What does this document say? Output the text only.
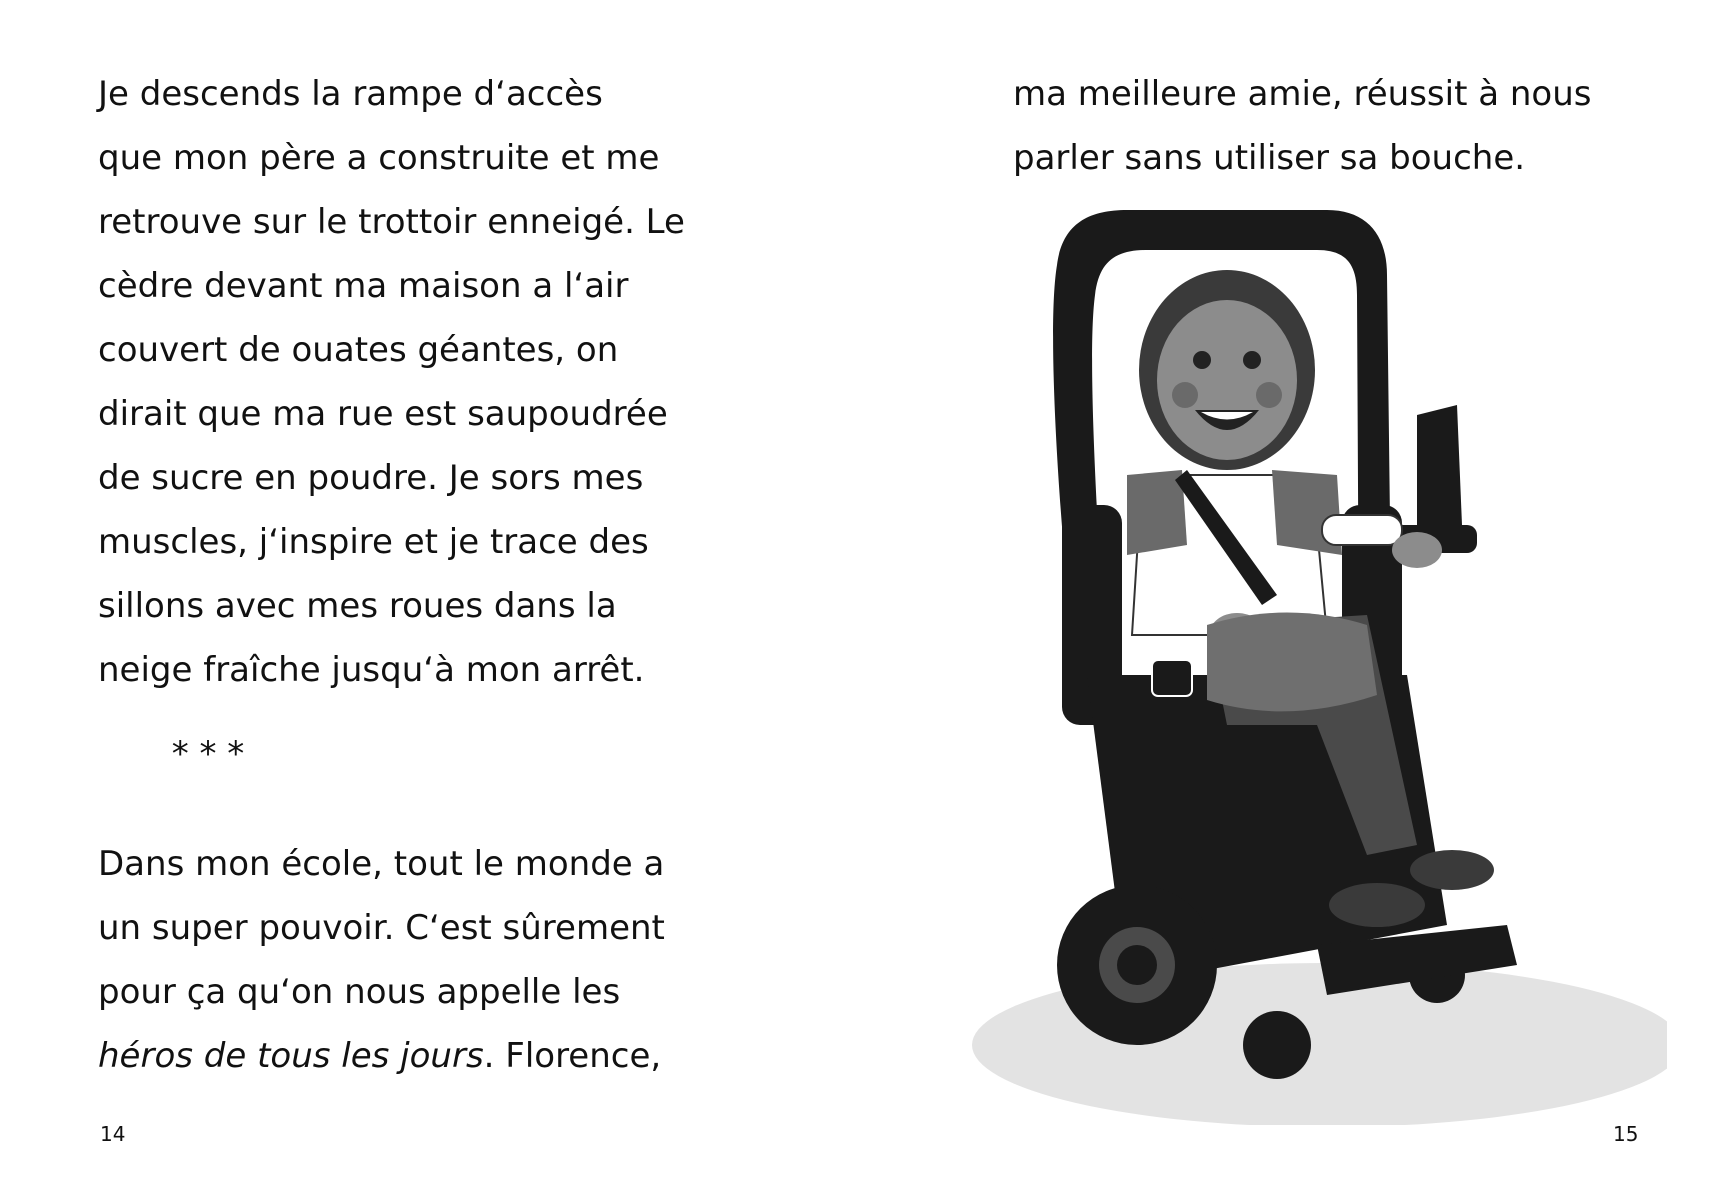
Je descends la rampe d‘accès
que mon père a construite et me
retrouve sur le trottoir enneigé. Le
cèdre devant ma maison a l‘air
couvert de ouates géantes, on
dirait que ma rue est saupoudrée
de sucre en poudre. Je sors mes
muscles, j‘inspire et je trace des
sillons avec mes roues dans la
neige fraîche jusqu‘à mon arrêt.
* * *
Dans mon école, tout le monde a
un super pouvoir. C‘est sûrement
pour ça qu‘on nous appelle les
héros de tous les jours. Florence,
14
ma meilleure amie, réussit à nous
parler sans utiliser sa bouche.
15
